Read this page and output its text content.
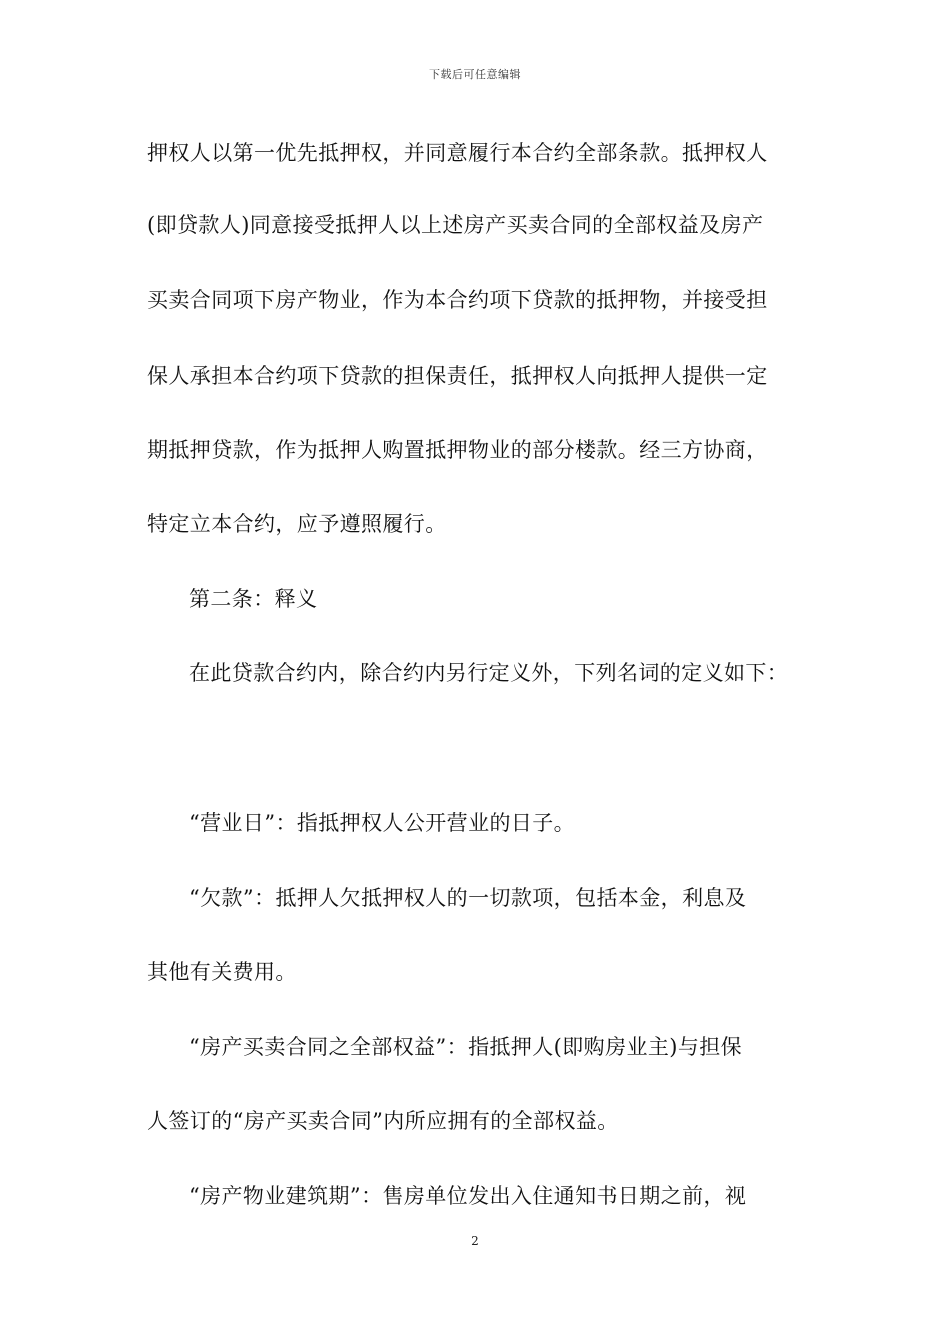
下载后可任意编辑
押权人以第一优先抵押权，并同意履行本合约全部条款。抵押权人
(即贷款人)同意接受抵押人以上述房产买卖合同的全部权益及房产
买卖合同项下房产物业，作为本合约项下贷款的抵押物，并接受担
保人承担本合约项下贷款的担保责任，抵押权人向抵押人提供一定
期抵押贷款，作为抵押人购置抵押物业的部分楼款。经三方协商，
特定立本合约，应予遵照履行。
第二条：释义
在此贷款合约内，除合约内另行定义外，下列名词的定义如下：
“营业日”：指抵押权人公开营业的日子。
“欠款”：抵押人欠抵押权人的一切款项，包括本金，利息及
其他有关费用。
“房产买卖合同之全部权益”：指抵押人(即购房业主)与担保
人签订的“房产买卖合同”内所应拥有的全部权益。
“房产物业建筑期”：售房单位发出入住通知书日期之前，视
2
